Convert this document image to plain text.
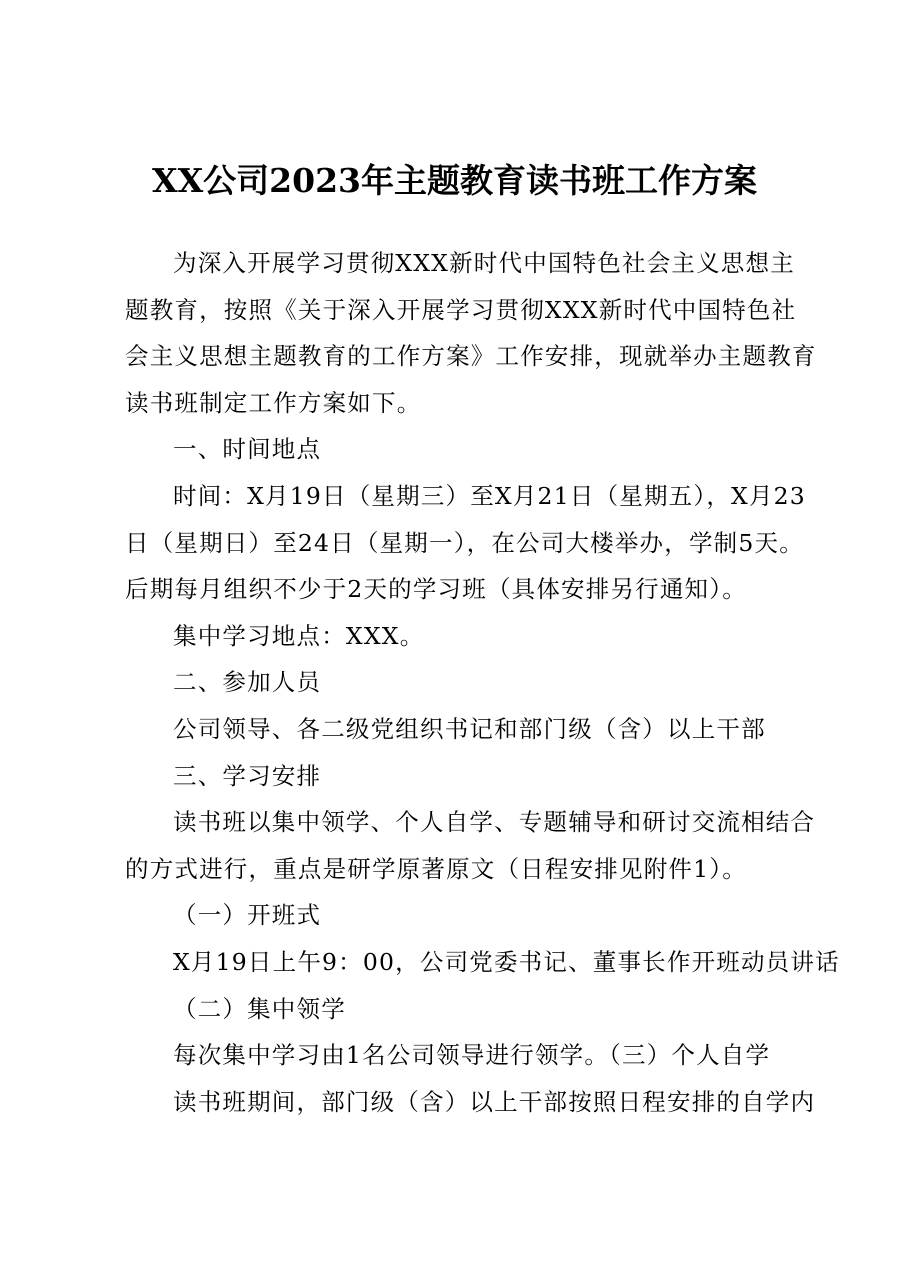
XX公司2023年主题教育读书班工作方案

为深入开展学习贯彻XXX新时代中国特色社会主义思想主题教育，按照《关于深入开展学习贯彻XXX新时代中国特色社会主义思想主题教育的工作方案》工作安排，现就举办主题教育读书班制定工作方案如下。

一、时间地点

时间：X月19日（星期三）至X月21日（星期五），X月23日（星期日）至24日（星期一），在公司大楼举办，学制5天。后期每月组织不少于2天的学习班（具体安排另行通知）。

集中学习地点：XXX。

二、参加人员

公司领导、各二级党组织书记和部门级（含）以上干部

三、学习安排

读书班以集中领学、个人自学、专题辅导和研讨交流相结合的方式进行，重点是研学原著原文（日程安排见附件1）。

（一）开班式

X月19日上午9：00，公司党委书记、董事长作开班动员讲话

（二）集中领学

每次集中学习由1名公司领导进行领学。（三）个人自学

读书班期间，部门级（含）以上干部按照日程安排的自学内
